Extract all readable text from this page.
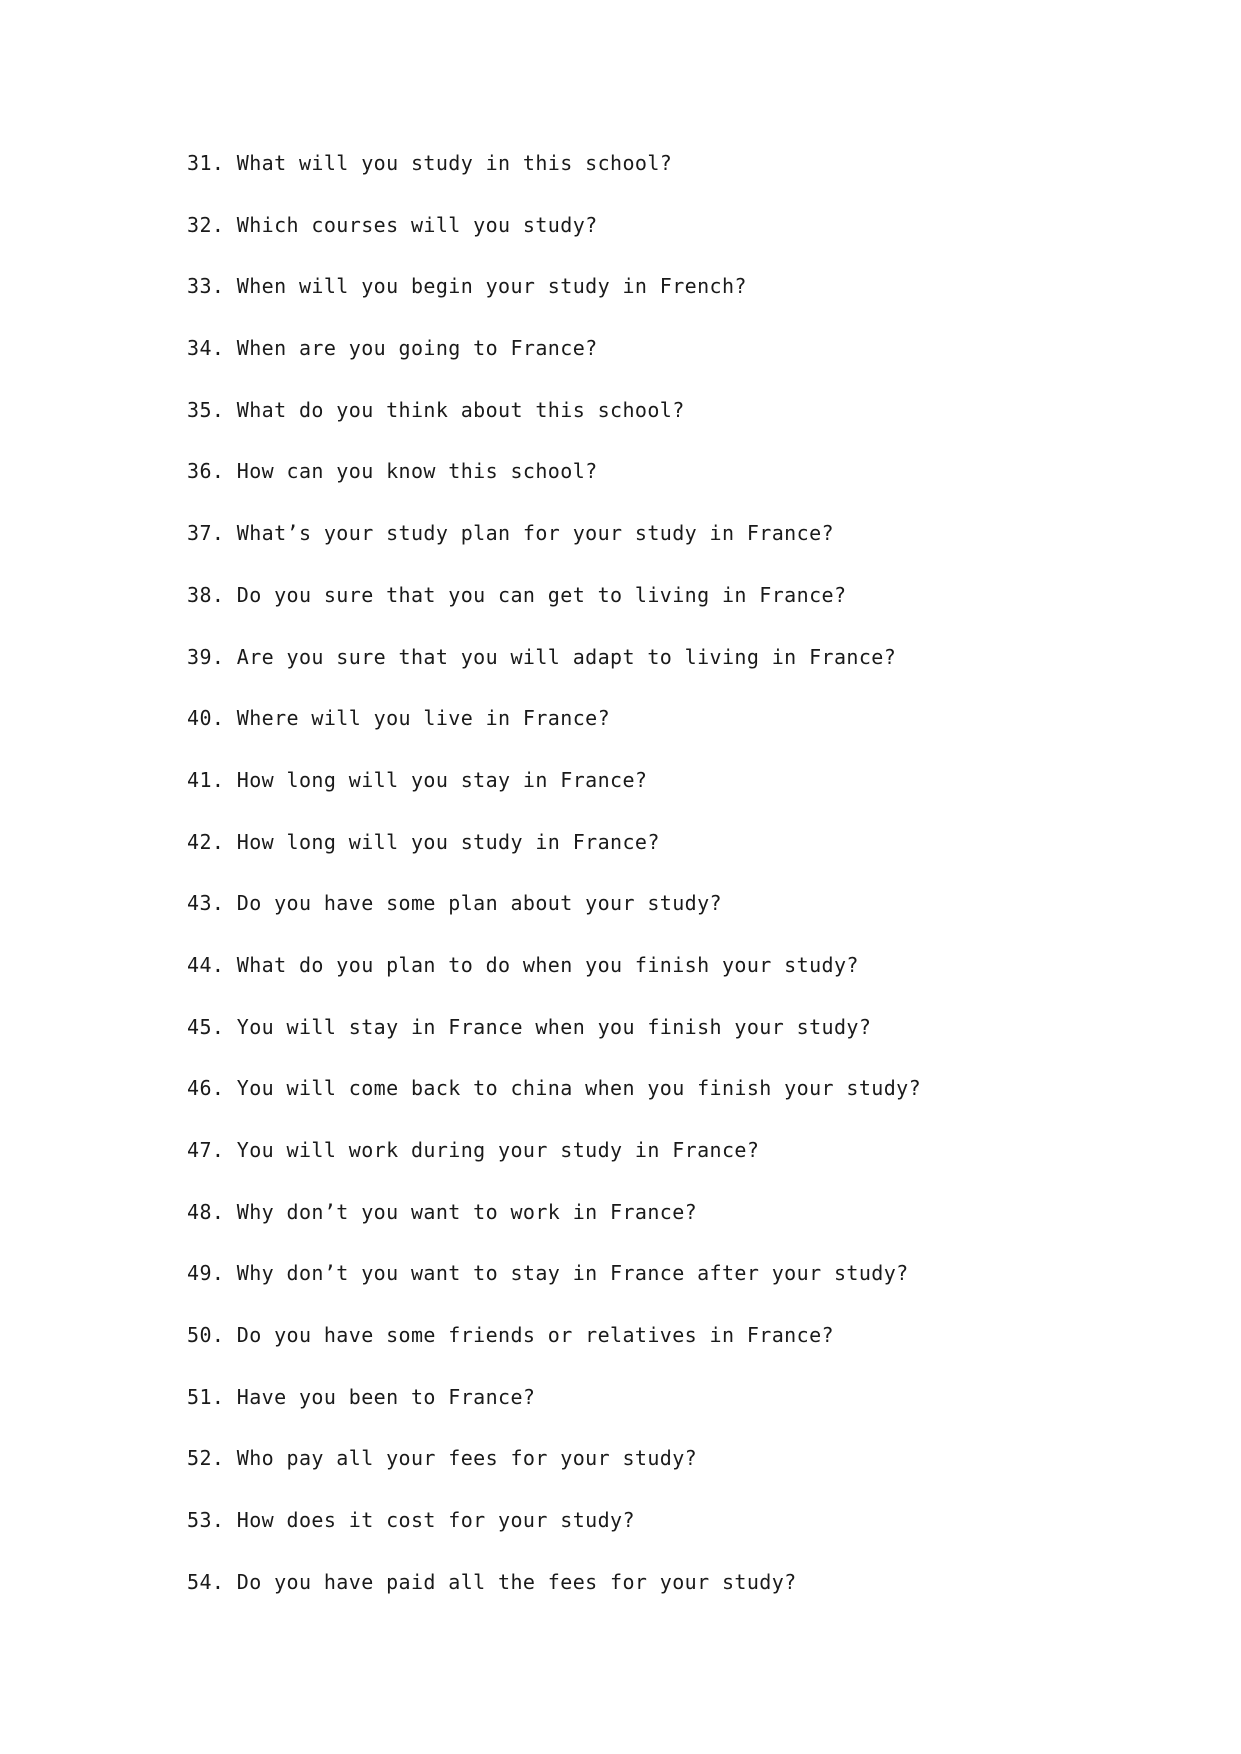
31. What will you study in this school?
32. Which courses will you study?
33. When will you begin your study in French?
34. When are you going to France?
35. What do you think about this school?
36. How can you know this school?
37. What’s your study plan for your study in France?
38. Do you sure that you can get to living in France?
39. Are you sure that you will adapt to living in France?
40. Where will you live in France?
41. How long will you stay in France?
42. How long will you study in France?
43. Do you have some plan about your study?
44. What do you plan to do when you finish your study?
45. You will stay in France when you finish your study?
46. You will come back to china when you finish your study?
47. You will work during your study in France?
48. Why don’t you want to work in France?
49. Why don’t you want to stay in France after your study?
50. Do you have some friends or relatives in France?
51. Have you been to France?
52. Who pay all your fees for your study?
53. How does it cost for your study?
54. Do you have paid all the fees for your study?
